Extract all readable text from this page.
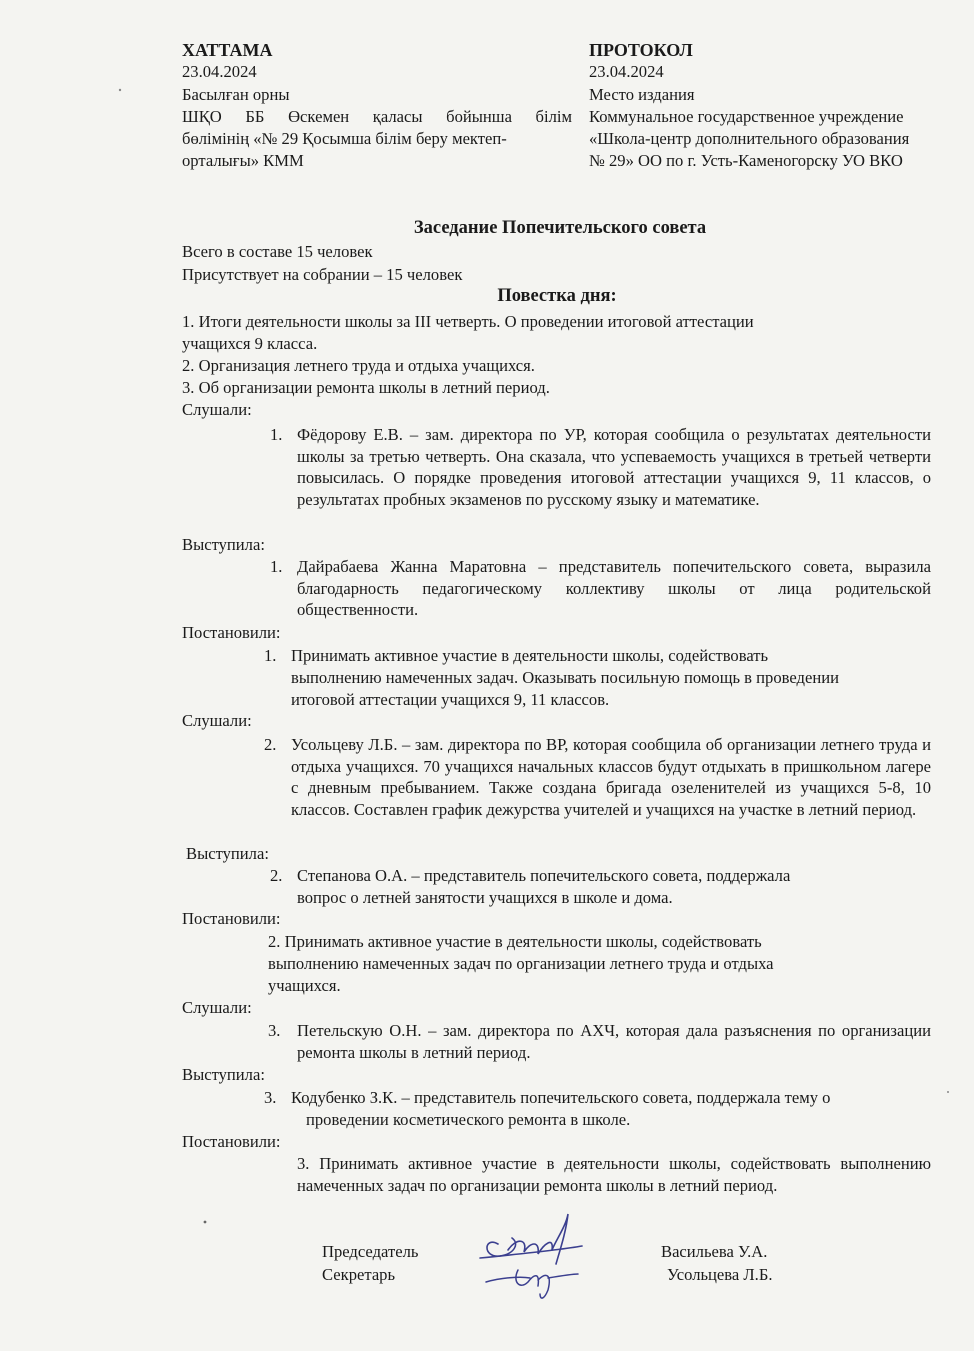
ХАТТАМА
23.04.2024
Басылған орны
ШҚО ББ Өскемен қаласы бойынша білім
бөлімінің «№ 29 Қосымша білім беру мектеп-
орталығы» КММ
ПРОТОКОЛ
23.04.2024
Место издания
Коммунальное государственное учреждение
«Школа-центр дополнительного образования
№ 29» ОО по г. Усть-Каменогорску УО ВКО
Заседание Попечительского совета
Всего в составе 15 человек
Присутствует на собрании – 15 человек
Повестка дня:
1. Итоги деятельности школы за III четверть. О проведении итоговой аттестации
учащихся 9 класса.
2. Организация летнего труда и отдыха учащихся.
3. Об организации ремонта школы в летний период.
Слушали:
1. Фёдорову Е.В. – зам. директора по УР, которая сообщила о результатах деятельности школы за третью четверть. Она сказала, что успеваемость учащихся в третьей четверти повысилась. О порядке проведения итоговой аттестации учащихся 9, 11 классов, о результатах пробных экзаменов по русскому языку и математике.
Выступила:
1. Дайрабаева Жанна Маратовна – представитель попечительского совета, выразила благодарность педагогическому коллективу школы от лица родительской общественности.
Постановили:
1. Принимать активное участие в деятельности школы, содействовать
выполнению намеченных задач. Оказывать посильную помощь в проведении
итоговой аттестации учащихся 9, 11 классов.
Слушали:
2. Усольцеву Л.Б. – зам. директора по ВР, которая сообщила об организации летнего труда и отдыха учащихся. 70 учащихся начальных классов будут отдыхать в пришкольном лагере с дневным пребыванием. Также создана бригада озеленителей из учащихся 5-8, 10 классов. Составлен график дежурства учителей и учащихся на участке в летний период.
Выступила:
2. Степанова О.А. – представитель попечительского совета, поддержала
вопрос о летней занятости учащихся в школе и дома.
Постановили:
2. Принимать активное участие в деятельности школы, содействовать
выполнению намеченных задач по организации летнего труда и отдыха
учащихся.
Слушали:
3. Петельскую О.Н. – зам. директора по АХЧ, которая дала разъяснения по организации ремонта школы в летний период.
Выступила:
3. Кодубенко З.К. – представитель попечительского совета, поддержала тему о
проведении косметического ремонта в школе.
Постановили:
3. Принимать активное участие в деятельности школы, содействовать выполнению намеченных задач по организации ремонта школы в летний период.
Председатель	Васильева У.А.
Секретарь	Усольцева Л.Б.
